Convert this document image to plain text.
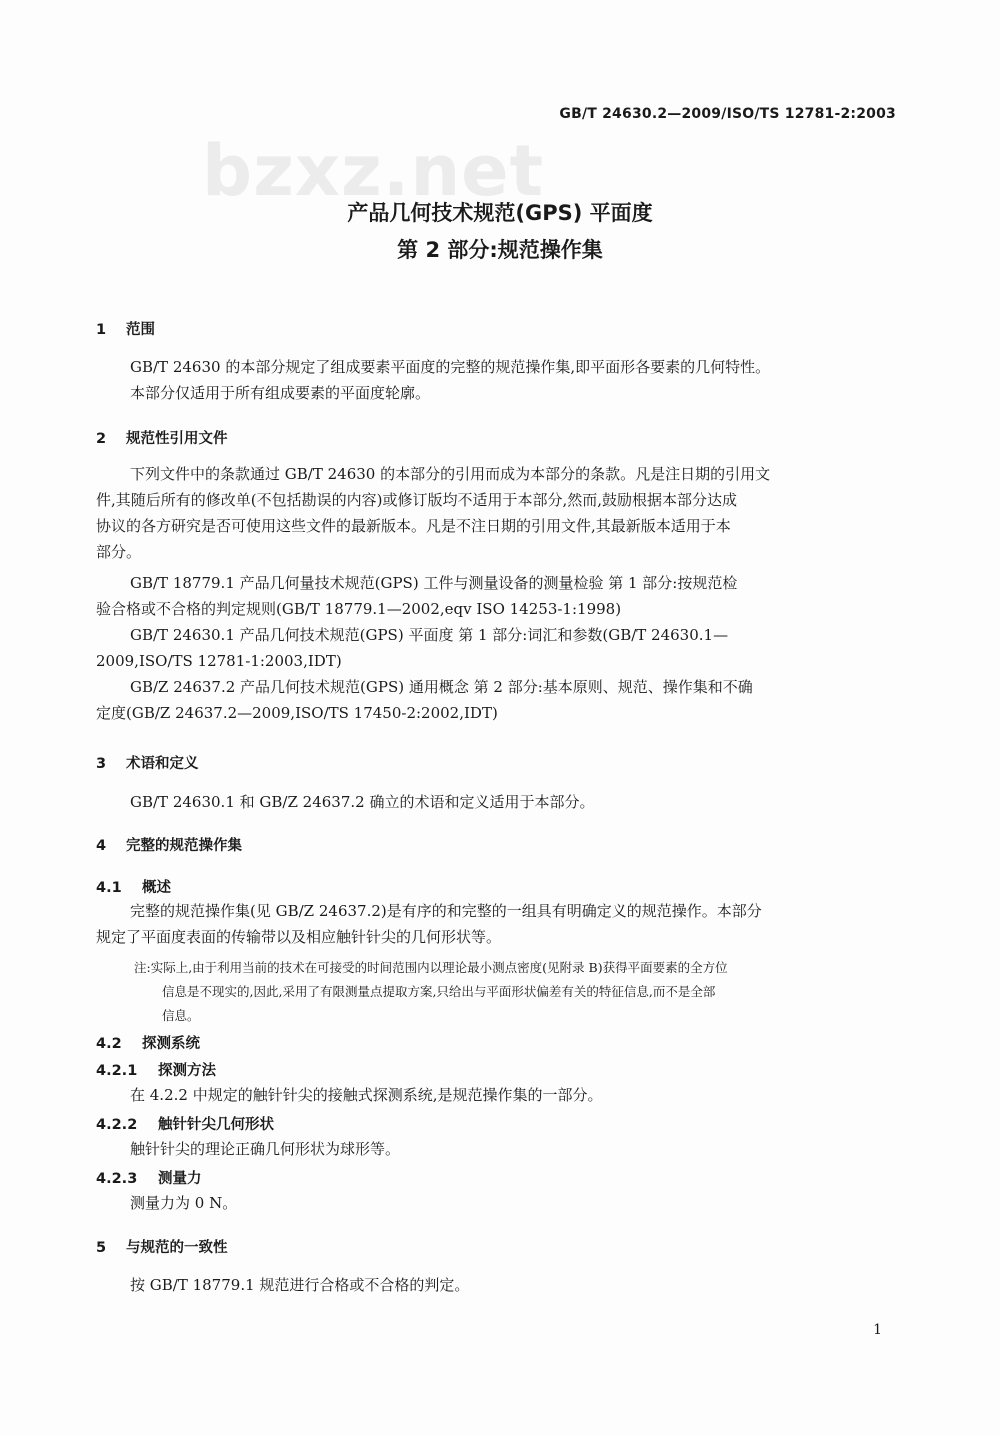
bzxz.net
GB/T 24630.2—2009/ISO/TS 12781-2:2003
产品几何技术规范(GPS) 平面度
第 2 部分:规范操作集
1 范围
GB/T 24630 的本部分规定了组成要素平面度的完整的规范操作集,即平面形各要素的几何特性。
本部分仅适用于所有组成要素的平面度轮廓。
2 规范性引用文件
下列文件中的条款通过 GB/T 24630 的本部分的引用而成为本部分的条款。凡是注日期的引用文
件,其随后所有的修改单(不包括勘误的内容)或修订版均不适用于本部分,然而,鼓励根据本部分达成
协议的各方研究是否可使用这些文件的最新版本。凡是不注日期的引用文件,其最新版本适用于本
部分。
GB/T 18779.1 产品几何量技术规范(GPS) 工件与测量设备的测量检验 第 1 部分:按规范检
验合格或不合格的判定规则(GB/T 18779.1—2002,eqv ISO 14253-1:1998)
GB/T 24630.1 产品几何技术规范(GPS) 平面度 第 1 部分:词汇和参数(GB/T 24630.1—
2009,ISO/TS 12781-1:2003,IDT)
GB/Z 24637.2 产品几何技术规范(GPS) 通用概念 第 2 部分:基本原则、规范、操作集和不确
定度(GB/Z 24637.2—2009,ISO/TS 17450-2:2002,IDT)
3 术语和定义
GB/T 24630.1 和 GB/Z 24637.2 确立的术语和定义适用于本部分。
4 完整的规范操作集
4.1 概述
完整的规范操作集(见 GB/Z 24637.2)是有序的和完整的一组具有明确定义的规范操作。本部分
规定了平面度表面的传输带以及相应触针针尖的几何形状等。
注:实际上,由于利用当前的技术在可接受的时间范围内以理论最小测点密度(见附录 B)获得平面要素的全方位
信息是不现实的,因此,采用了有限测量点提取方案,只给出与平面形状偏差有关的特征信息,而不是全部
信息。
4.2 探测系统
4.2.1 探测方法
在 4.2.2 中规定的触针针尖的接触式探测系统,是规范操作集的一部分。
4.2.2 触针针尖几何形状
触针针尖的理论正确几何形状为球形等。
4.2.3 测量力
测量力为 0 N。
5 与规范的一致性
按 GB/T 18779.1 规范进行合格或不合格的判定。
1
